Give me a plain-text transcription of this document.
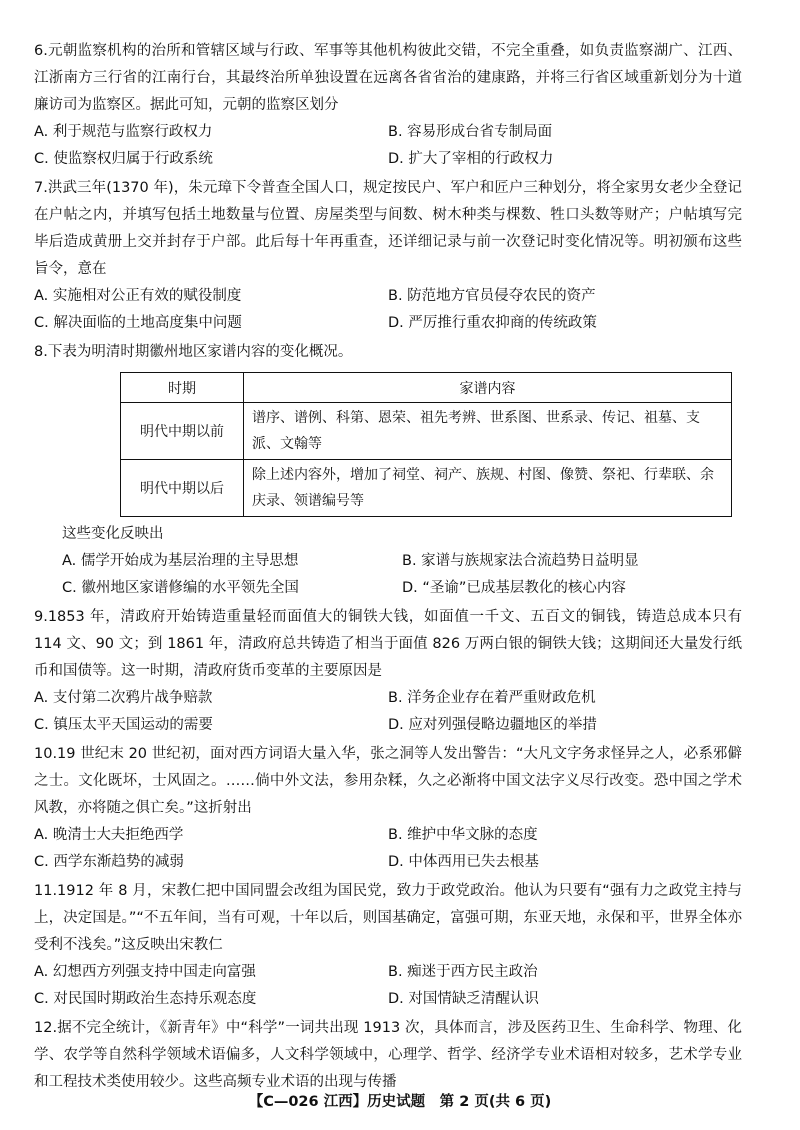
6.元朝监察机构的治所和管辖区域与行政、军事等其他机构彼此交错，不完全重叠，如负责监察湖广、江西、江浙南方三行省的江南行台，其最终治所单独设置在远离各省省治的建康路，并将三行省区域重新划分为十道廉访司为监察区。据此可知，元朝的监察区划分

A. 利于规范与监察行政权力	B. 容易形成台省专制局面
C. 使监察权归属于行政系统	D. 扩大了宰相的行政权力

7.洪武三年(1370 年)，朱元璋下令普查全国人口，规定按民户、军户和匠户三种划分，将全家男女老少全登记在户帖之内，并填写包括土地数量与位置、房屋类型与间数、树木种类与棵数、牲口头数等财产；户帖填写完毕后造成黄册上交并封存于户部。此后每十年再重查，还详细记录与前一次登记时变化情况等。明初颁布这些旨令，意在

A. 实施相对公正有效的赋役制度	B. 防范地方官员侵夺农民的资产
C. 解决面临的土地高度集中问题	D. 严厉推行重农抑商的传统政策

8.下表为明清时期徽州地区家谱内容的变化概况。

时期	家谱内容
明代中期以前	谱序、谱例、科第、恩荣、祖先考辨、世系图、世系录、传记、祖墓、支派、文翰等
明代中期以后	除上述内容外，增加了祠堂、祠产、族规、村图、像赞、祭祀、行辈联、余庆录、领谱编号等

这些变化反映出

A. 儒学开始成为基层治理的主导思想	B. 家谱与族规家法合流趋势日益明显
C. 徽州地区家谱修编的水平领先全国	D. “圣谕”已成基层教化的核心内容

9.1853 年，清政府开始铸造重量轻而面值大的铜铁大钱，如面值一千文、五百文的铜钱，铸造总成本只有 114 文、90 文；到 1861 年，清政府总共铸造了相当于面值 826 万两白银的铜铁大钱；这期间还大量发行纸币和国债等。这一时期，清政府货币变革的主要原因是

A. 支付第二次鸦片战争赔款	B. 洋务企业存在着严重财政危机
C. 镇压太平天国运动的需要	D. 应对列强侵略边疆地区的举措

10.19 世纪末 20 世纪初，面对西方词语大量入华，张之洞等人发出警告：“大凡文字务求怪异之人，必系邪僻之士。文化既坏，士风固之。……倘中外文法，参用杂糅，久之必渐将中国文法字义尽行改变。恐中国之学术风教，亦将随之俱亡矣。”这折射出

A. 晚清士大夫拒绝西学	B. 维护中华文脉的态度
C. 西学东渐趋势的减弱	D. 中体西用已失去根基

11.1912 年 8 月，宋教仁把中国同盟会改组为国民党，致力于政党政治。他认为只要有“强有力之政党主持与上，决定国是。”“不五年间，当有可观，十年以后，则国基确定，富强可期，东亚天地，永保和平，世界全体亦受利不浅矣。”这反映出宋教仁

A. 幻想西方列强支持中国走向富强	B. 痴迷于西方民主政治
C. 对民国时期政治生态持乐观态度	D. 对国情缺乏清醒认识

12.据不完全统计，《新青年》中“科学”一词共出现 1913 次，具体而言，涉及医药卫生、生命科学、物理、化学、农学等自然科学领域术语偏多，人文科学领域中，心理学、哲学、经济学专业术语相对较多，艺术学专业和工程技术类使用较少。这些高频专业术语的出现与传播

【C—026 江西】历史试题　第 2 页(共 6 页)
